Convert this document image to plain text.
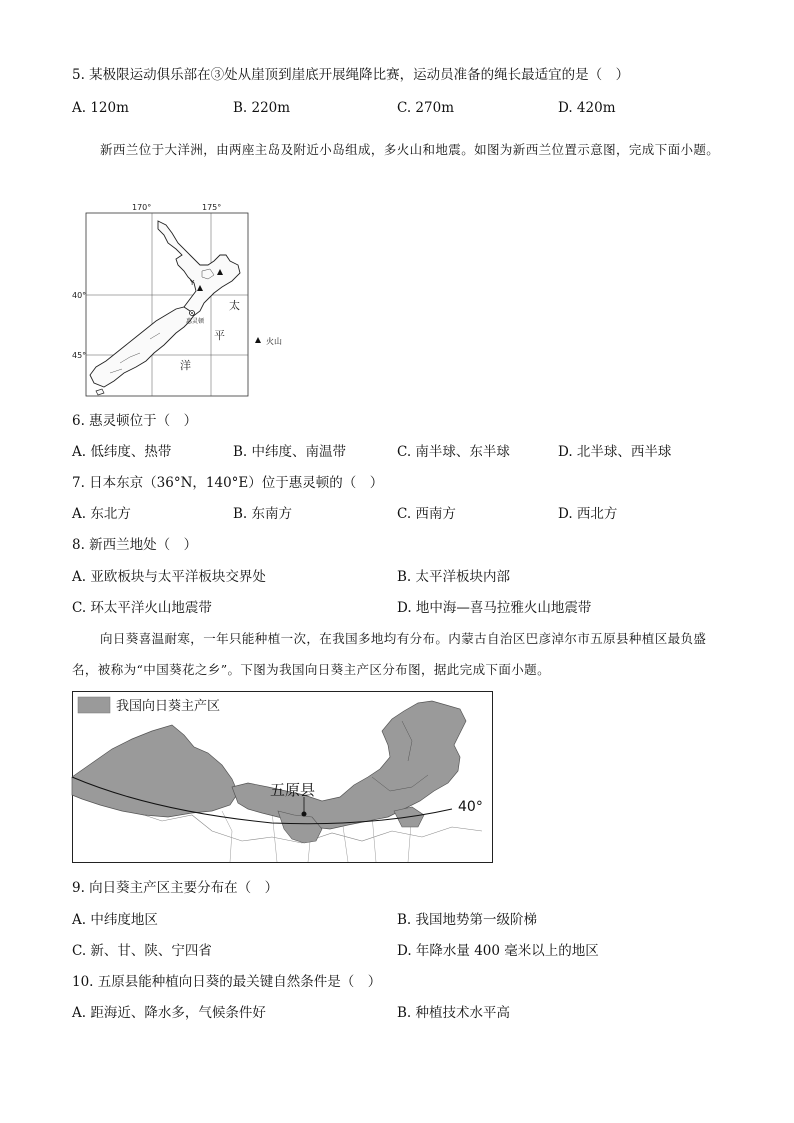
5. 某极限运动俱乐部在③处从崖顶到崖底开展绳降比赛，运动员准备的绳长最适宜的是（　）
A. 120m	B. 220m	C. 270m	D. 420m
新西兰位于大洋洲，由两座主岛及附近小岛组成，多火山和地震。如图为新西兰位置示意图，完成下面小题。
170°	175°
40°
45°
Y
惠灵顿
太
平
洋
火山
6. 惠灵顿位于（　）
A. 低纬度、热带	B. 中纬度、南温带	C. 南半球、东半球	D. 北半球、西半球
7. 日本东京（36°N，140°E）位于惠灵顿的（　）
A. 东北方	B. 东南方	C. 西南方	D. 西北方
8. 新西兰地处（　）
A. 亚欧板块与太平洋板块交界处	B. 太平洋板块内部
C. 环太平洋火山地震带	D. 地中海—喜马拉雅火山地震带
向日葵喜温耐寒，一年只能种植一次，在我国多地均有分布。内蒙古自治区巴彦淖尔市五原县种植区最负盛名，被称为“中国葵花之乡”。下图为我国向日葵主产区分布图，据此完成下面小题。
五原县
40°
我国向日葵主产区
9. 向日葵主产区主要分布在（　）
A. 中纬度地区	B. 我国地势第一级阶梯
C. 新、甘、陕、宁四省	D. 年降水量 400 毫米以上的地区
10. 五原县能种植向日葵的最关键自然条件是（　）
A. 距海近、降水多，气候条件好	B. 种植技术水平高
